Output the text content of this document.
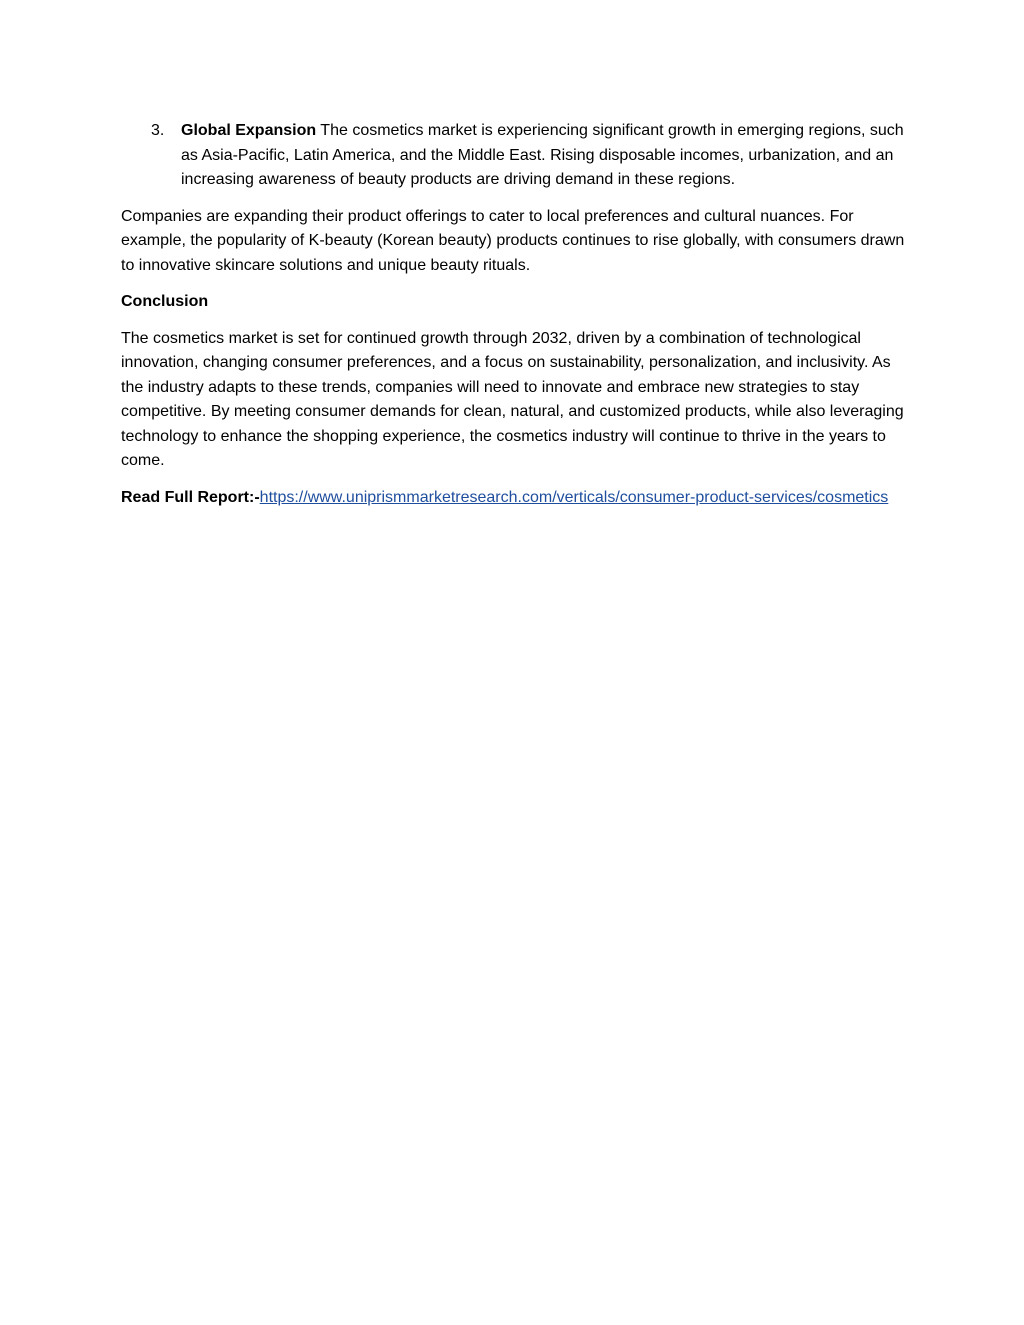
3. Global Expansion The cosmetics market is experiencing significant growth in emerging regions, such as Asia-Pacific, Latin America, and the Middle East. Rising disposable incomes, urbanization, and an increasing awareness of beauty products are driving demand in these regions.

Companies are expanding their product offerings to cater to local preferences and cultural nuances. For example, the popularity of K-beauty (Korean beauty) products continues to rise globally, with consumers drawn to innovative skincare solutions and unique beauty rituals.

Conclusion

The cosmetics market is set for continued growth through 2032, driven by a combination of technological innovation, changing consumer preferences, and a focus on sustainability, personalization, and inclusivity. As the industry adapts to these trends, companies will need to innovate and embrace new strategies to stay competitive. By meeting consumer demands for clean, natural, and customized products, while also leveraging technology to enhance the shopping experience, the cosmetics industry will continue to thrive in the years to come.

Read Full Report:-https://www.uniprismmarketresearch.com/verticals/consumer-product-services/cosmetics
